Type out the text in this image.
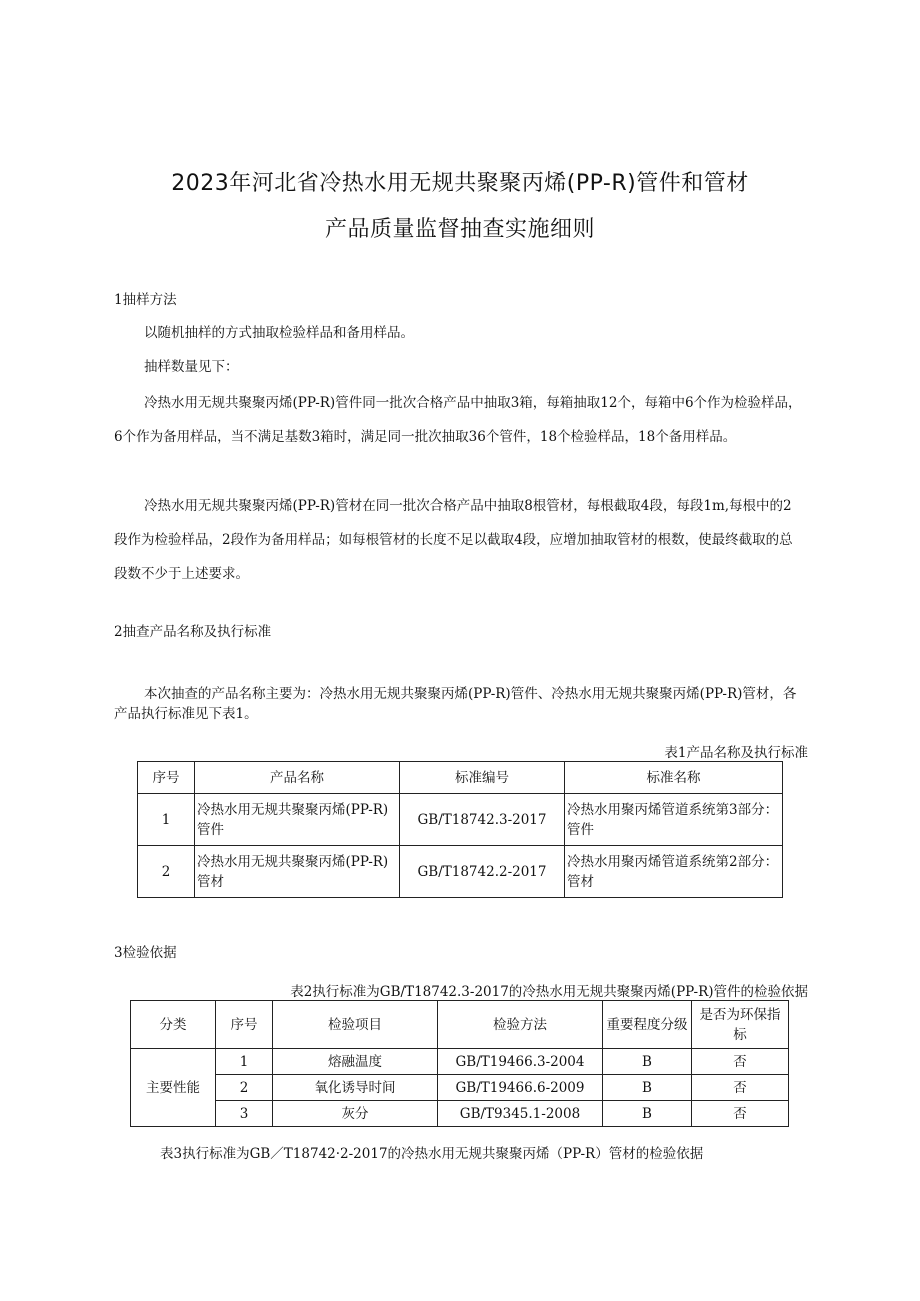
2023年河北省冷热水用无规共聚聚丙烯(PP-R)管件和管材
产品质量监督抽查实施细则
1抽样方法
以随机抽样的方式抽取检验样品和备用样品。
抽样数量见下：

冷热水用无规共聚聚丙烯(PP-R)管件同一批次合格产品中抽取3箱，每箱抽取12个，每箱中6个作为检验样品，6个作为备用样品，当不满足基数3箱时，满足同一批次抽取36个管件，18个检验样品，18个备用样品。

冷热水用无规共聚聚丙烯(PP-R)管材在同一批次合格产品中抽取8根管材，每根截取4段，每段1m,每根中的2段作为检验样品，2段作为备用样品；如每根管材的长度不足以截取4段，应增加抽取管材的根数，使最终截取的总段数不少于上述要求。

2抽查产品名称及执行标准

本次抽查的产品名称主要为：冷热水用无规共聚聚丙烯(PP-R)管件、冷热水用无规共聚聚丙烯(PP-R)管材，各产品执行标准见下表1。

表1产品名称及执行标准
序号	产品名称	标准编号	标准名称
1	冷热水用无规共聚聚丙烯(PP-R)管件	GB/T18742.3-2017	冷热水用聚丙烯管道系统第3部分：管件
2	冷热水用无规共聚聚丙烯(PP-R)管材	GB/T18742.2-2017	冷热水用聚丙烯管道系统第2部分：管材
3检验依据
表2执行标准为GB/T18742.3-2017的冷热水用无规共聚聚丙烯(PP-R)管件的检验依据
分类	序号	检验项目	检验方法	重要程度分级	是否为环保指标
主要性能	1	熔融温度	GB/T19466.3-2004	B	否
	2	氧化诱导时间	GB/T19466.6-2009	B	否
	3	灰分	GB/T9345.1-2008	B	否
表3执行标准为GB／T18742·2-2017的冷热水用无规共聚聚丙烯（PP-R）管材的检验依据
